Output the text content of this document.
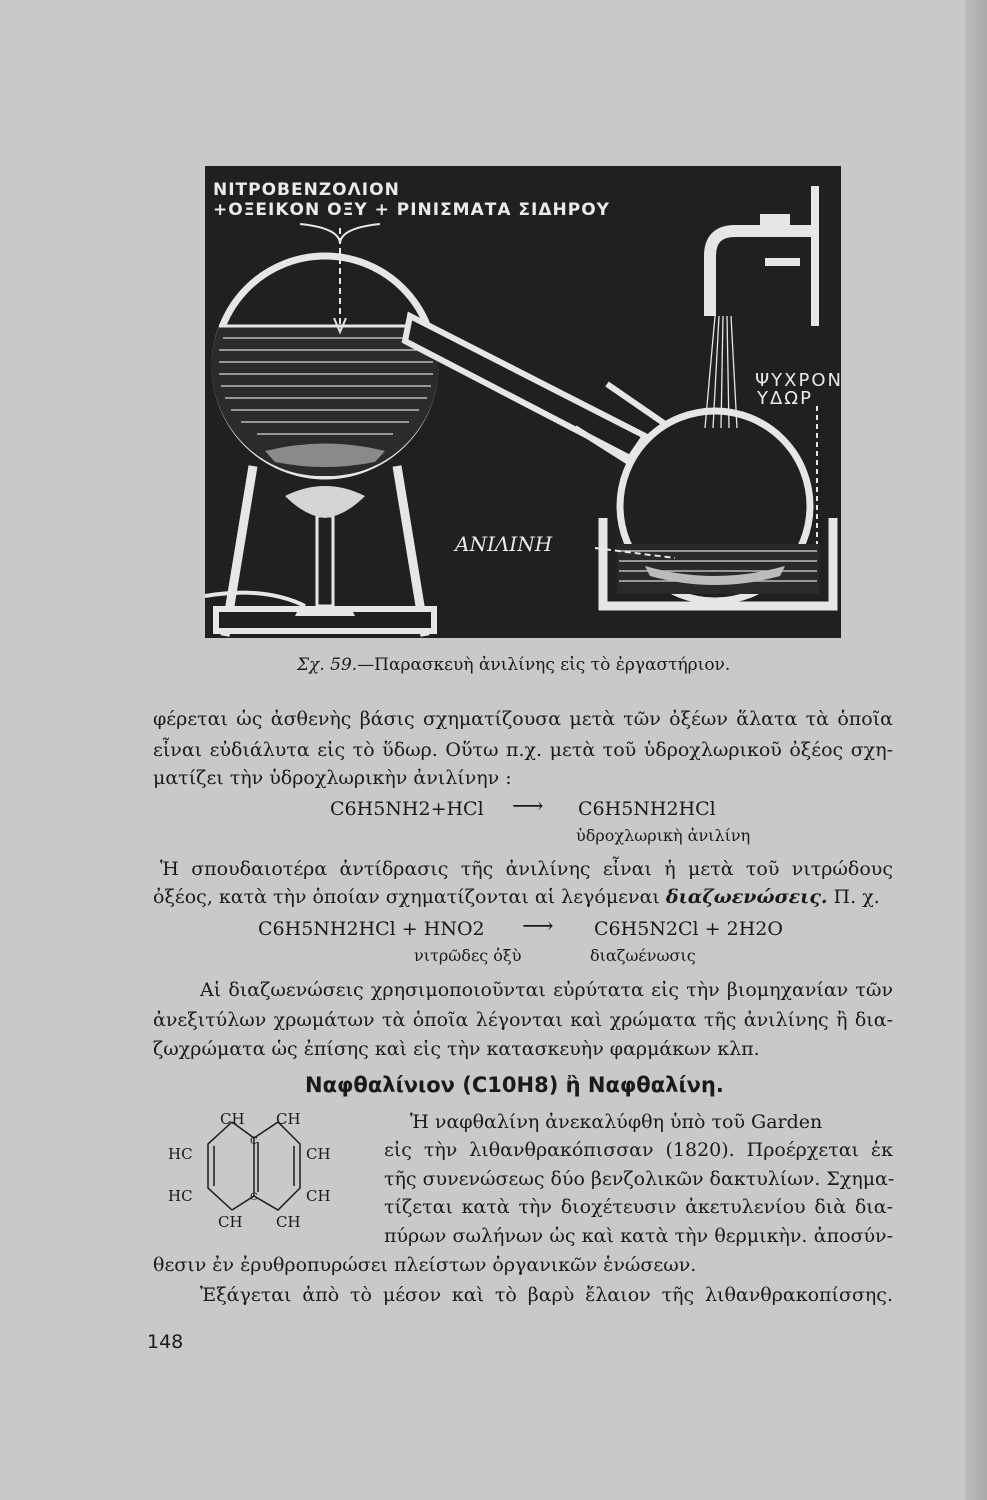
ΝΙΤΡΟΒΕΝΖΟΛΙΟΝ
+ΟΞΕΙΚΟΝ ΟΞΥ + ΡΙΝΙΣΜΑΤΑ ΣΙΔΗΡΟΥ
ΨΥΧΡΟΝ
ΥΔΩΡ
ΑΝΙΛΙΝΗ
Σχ. 59.—Παρασκευὴ ἀνιλίνης εἰς τὸ ἐργαστήριον.
φέρεται ὡς ἀσθενὴς βάσις σχηματίζουσα μετὰ τῶν ὀξέων ἅλατα τὰ ὁποῖα
εἶναι εὐδιάλυτα εἰς τὸ ὕδωρ. Οὕτω π.χ. μετὰ τοῦ ὑδροχλωρικοῦ ὀξέος σχη-
ματίζει τὴν ὑδροχλωρικὴν ἀνιλίνην :
C6H5NH2+HCl ⟶ C6H5NH2HCl
ὑδροχλωρικὴ ἀνιλίνη
Ἡ σπουδαιοτέρα ἀντίδρασις τῆς ἀνιλίνης εἶναι ἡ μετὰ τοῦ νιτρώδους
ὀξέος, κατὰ τὴν ὁποίαν σχηματίζονται αἱ λεγόμεναι διαζωενώσεις. Π. χ.
C6H5NH2HCl + HNO2 ⟶ C6H5N2Cl + 2H2O
νιτρῶδες ὀξὺ	διαζωένωσις
Αἱ διαζωενώσεις χρησιμοποιοῦνται εὐρύτατα εἰς τὴν βιομηχανίαν τῶν
ἀνεξιτύλων χρωμάτων τὰ ὁποῖα λέγονται καὶ χρώματα τῆς ἀνιλίνης ἢ δια-
ζωχρώματα ὡς ἐπίσης καὶ εἰς τὴν κατασκευὴν φαρμάκων κλπ.
Ναφθαλίνιον (C10H8) ἢ Ναφθαλίνη.
CH CH
HC	CH
HC	CH
CH CH
C
C
Ἡ ναφθαλίνη ἀνεκαλύφθη ὑπὸ τοῦ Garden
εἰς τὴν λιθανθρακόπισσαν (1820). Προέρχεται ἐκ
τῆς συνενώσεως δύο βενζολικῶν δακτυλίων. Σχημα-
τίζεται κατὰ τὴν διοχέτευσιν ἀκετυλενίου διὰ δια-
πύρων σωλήνων ὡς καὶ κατὰ τὴν θερμικὴν. ἀποσύν-
θεσιν ἐν ἐρυθροπυρώσει πλείστων ὀργανικῶν ἑνώσεων.
Ἐξάγεται ἀπὸ τὸ μέσον καὶ τὸ βαρὺ ἔλαιον τῆς λιθανθρακοπίσσης.
148
